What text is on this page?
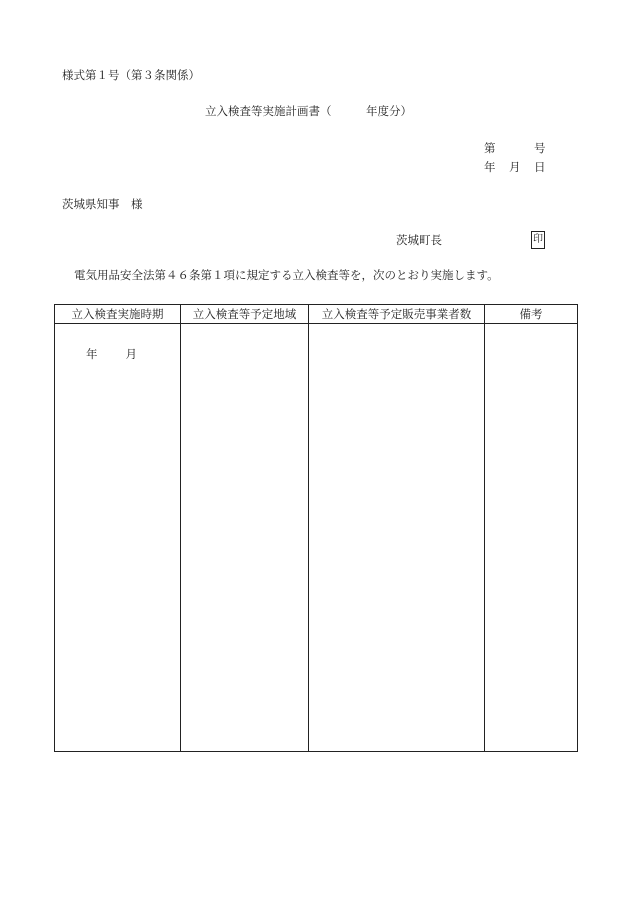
様式第１号（第３条関係）
立入検査等実施計画書（　　　年度分）
第	号
年 月 日
茨城県知事　様
茨城町長	印
電気用品安全法第４６条第１項に規定する立入検査等を，次のとおり実施します。
立入検査実施時期	立入検査等予定地域	立入検査等予定販売事業者数	備考
年 月			
